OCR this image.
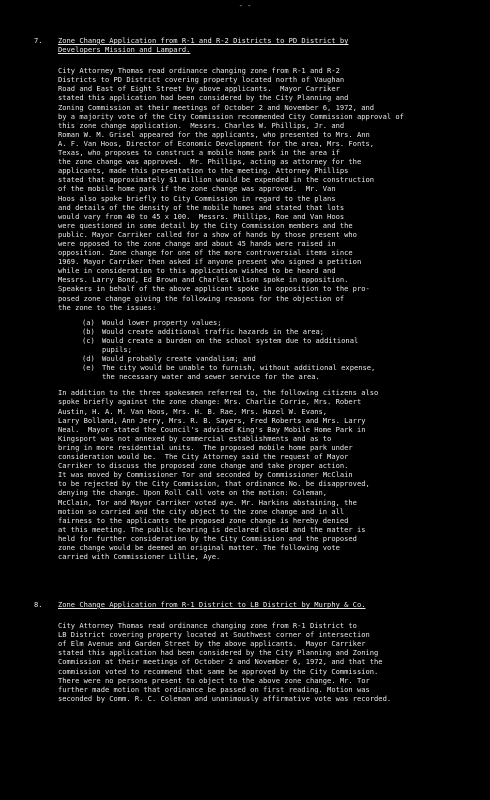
- -
7. Zone Change Application from R-1 and R-2 Districts to PD District by
Developers Mission and Lampard.
City Attorney Thomas read ordinance changing zone from R-1 and R-2
Districts to PD District covering property located north of Vaughan
Road and East of Eight Street by above applicants.  Mayor Carriker
stated this application had been considered by the City Planning and
Zoning Commission at their meetings of October 2 and November 6, 1972, and
by a majority vote of the City Commission recommended City Commission approval of
this zone change application.  Messrs. Charles W. Phillips, Jr. and
Roman W. M. Grisel appeared for the applicants, who presented to Mrs. Ann
A. F. Van Hoos, Director of Economic Development for the area, Mrs. Fonts,
Texas, who proposes to construct a mobile home park in the area if
the zone change was approved.  Mr. Phillips, acting as attorney for the
applicants, made this presentation to the meeting. Attorney Phillips
stated that approximately $1 million would be expended in the construction
of the mobile home park if the zone change was approved.  Mr. Van
Hoos also spoke briefly to City Commission in regard to the plans
and details of the density of the mobile homes and stated that lots
would vary from 40 to 45 x 100.  Messrs. Phillips, Roe and Van Hoos
were questioned in some detail by the City Commission members and the
public. Mayor Carriker called for a show of hands by those present who
were opposed to the zone change and about 45 hands were raised in
opposition. Zone change for one of the more controversial items since
1969. Mayor Carriker then asked if anyone present who signed a petition
while in consideration to this application wished to be heard and
Messrs. Larry Bond, Ed Brown and Charles Wilson spoke in opposition.
Speakers in behalf of the above applicant spoke in opposition to the pro-
posed zone change giving the following reasons for the objection of
the zone to the issues:
(a) Would lower property values;
(b) Would create additional traffic hazards in the area;
(c) Would create a burden on the school system due to additional
pupils;
(d) Would probably create vandalism; and
(e) The city would be unable to furnish, without additional expense,
the necessary water and sewer service for the area.
In addition to the three spokesmen referred to, the following citizens also
spoke briefly against the zone change: Mrs. Charlie Corrie, Mrs. Robert
Austin, H. A. M. Van Hoos, Mrs. H. B. Rae, Mrs. Hazel W. Evans,
Larry Bolland, Ann Jerry, Mrs. R. B. Sayers, Fred Roberts and Mrs. Larry
Neal.  Mayor stated the Council's advised King's Bay Mobile Home Park in
Kingsport was not annexed by commercial establishments and as to
bring in more residential units.  The proposed mobile home park under
consideration would be.  The City Attorney said the request of Mayor
Carriker to discuss the proposed zone change and take proper action.
It was moved by Commissioner Tor and seconded by Commissioner McClain
to be rejected by the City Commission, that ordinance No. be disapproved,
denying the change. Upon Roll Call vote on the motion: Coleman,
McClain, Tor and Mayor Carriker voted aye. Mr. Harkins abstaining, the
motion so carried and the city object to the zone change and in all
fairness to the applicants the proposed zone change is hereby denied
at this meeting. The public hearing is declared closed and the matter is
held for further consideration by the City Commission and the proposed
zone change would be deemed an original matter. The following vote
carried with Commissioner Lillie, Aye.
8. Zone Change Application from R-1 District to LB District by Murphy & Co.
City Attorney Thomas read ordinance changing zone from R-1 District to
LB District covering property located at Southwest corner of intersection
of Elm Avenue and Garden Street by the above applicants.  Mayor Carriker
stated this application had been considered by the City Planning and Zoning
Commission at their meetings of October 2 and November 6, 1972, and that the
commission voted to recommend that same be approved by the City Commission.
There were no persons present to object to the above zone change. Mr. Tor
further made motion that ordinance be passed on first reading. Motion was
seconded by Comm. R. C. Coleman and unanimously affirmative vote was recorded.
